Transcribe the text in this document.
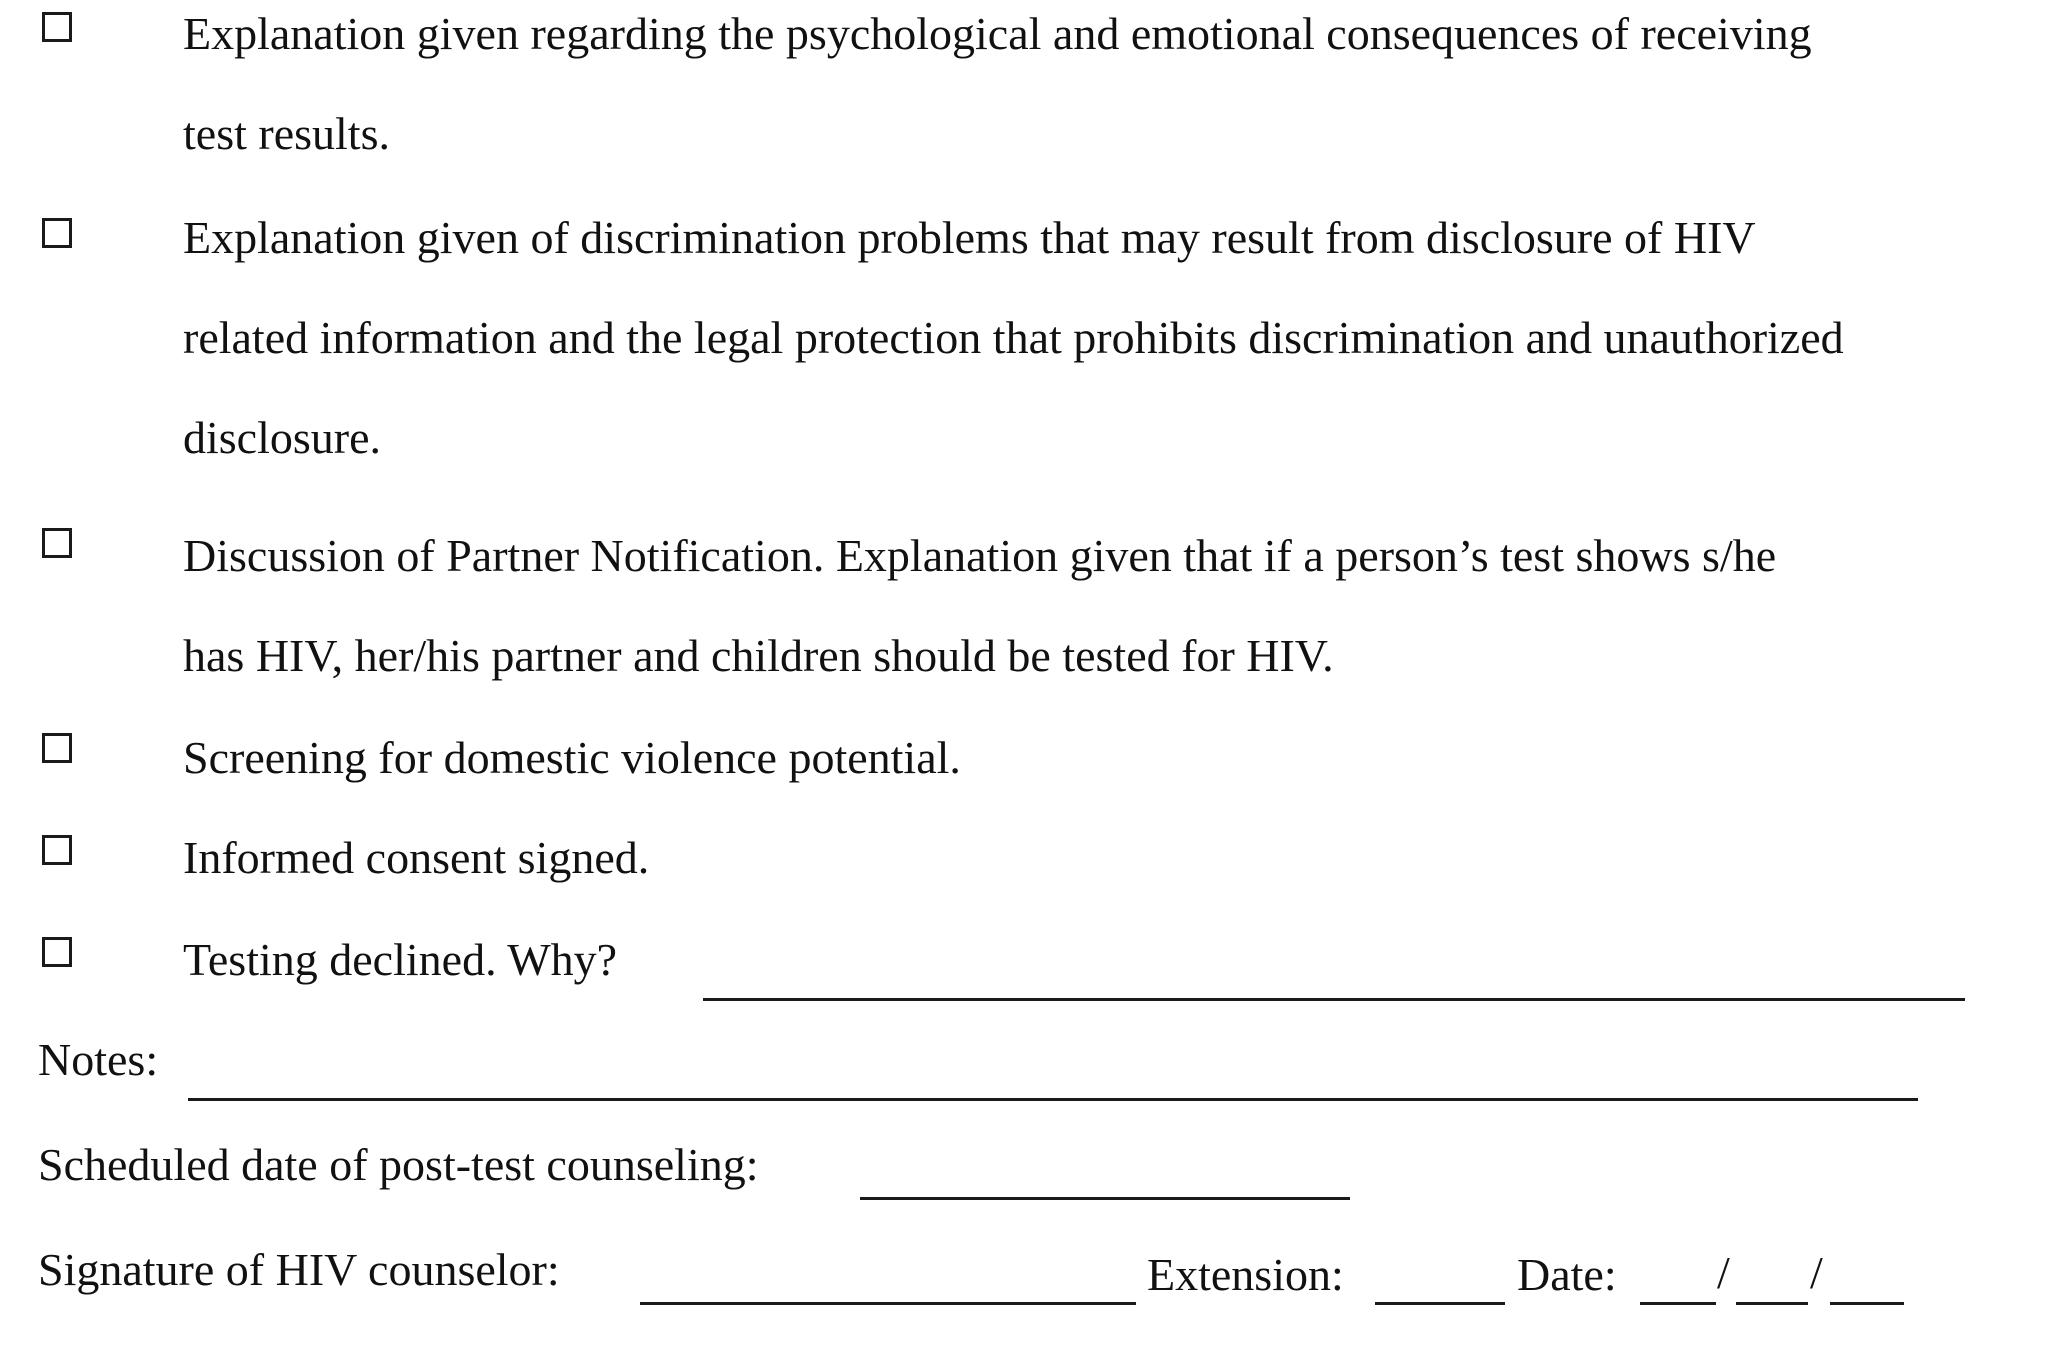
Explanation given regarding the psychological and emotional consequences of receiving
test results.
Explanation given of discrimination problems that may result from disclosure of HIV
related information and the legal protection that prohibits discrimination and unauthorized
disclosure.
Discussion of Partner Notification. Explanation given that if a person’s test shows s/he
has HIV, her/his partner and children should be tested for HIV.
Screening for domestic violence potential.
Informed consent signed.
Testing declined. Why?
Notes:
Scheduled date of post-test counseling:
Signature of HIV counselor:	Extension:	Date: / /
